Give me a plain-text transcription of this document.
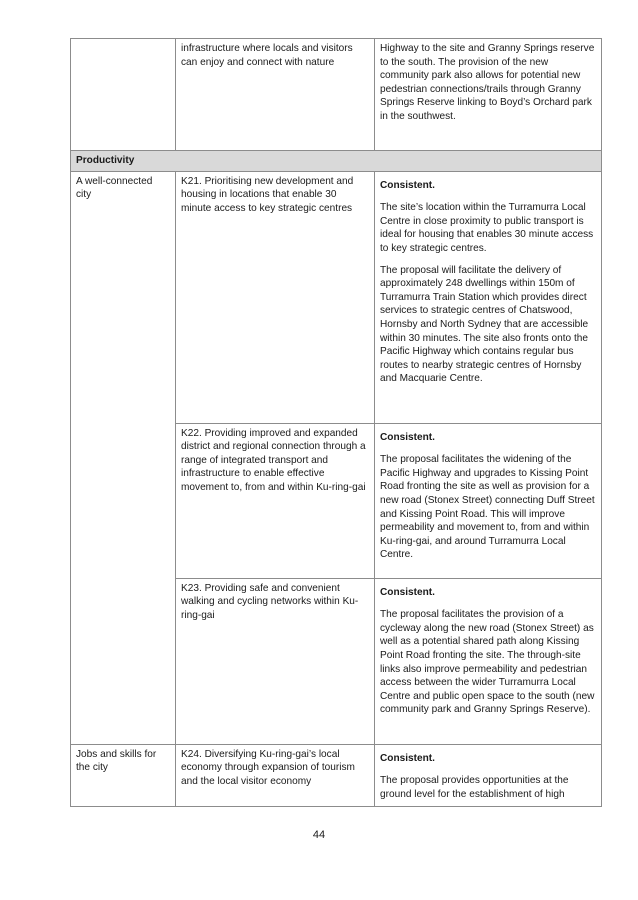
	infrastructure where locals and visitors can enjoy and connect with nature	Highway to the site and Granny Springs reserve to the south. The provision of the new community park also allows for potential new pedestrian connections/trails through Granny Springs Reserve linking to Boyd’s Orchard park in the southwest.
Productivity		
A well-connected city	K21. Prioritising new development and housing in locations that enable 30 minute access to key strategic centres	Consistent.

The site’s location within the Turramurra Local Centre in close proximity to public transport is ideal for housing that enables 30 minute access to key strategic centres.

The proposal will facilitate the delivery of approximately 248 dwellings within 150m of Turramurra Train Station which provides direct services to strategic centres of Chatswood, Hornsby and North Sydney that are accessible within 30 minutes. The site also fronts onto the Pacific Highway which contains regular bus routes to nearby strategic centres of Hornsby and Macquarie Centre.

	K22. Providing improved and expanded district and regional connection through a range of integrated transport and infrastructure to enable effective movement to, from and within Ku-ring-gai	Consistent.

The proposal facilitates the widening of the Pacific Highway and upgrades to Kissing Point Road fronting the site as well as provision for a new road (Stonex Street) connecting Duff Street and Kissing Point Road. This will improve permeability and movement to, from and within Ku-ring-gai, and around Turramurra Local Centre.

	K23. Providing safe and convenient walking and cycling networks within Ku-ring-gai	Consistent.

The proposal facilitates the provision of a cycleway along the new road (Stonex Street) as well as a potential shared path along Kissing Point Road fronting the site. The through-site links also improve permeability and pedestrian access between the wider Turramurra Local Centre and public open space to the south (new community park and Granny Springs Reserve).

Jobs and skills for the city	K24. Diversifying Ku-ring-gai’s local economy through expansion of tourism and the local visitor economy	Consistent.

The proposal provides opportunities at the ground level for the establishment of high

44
